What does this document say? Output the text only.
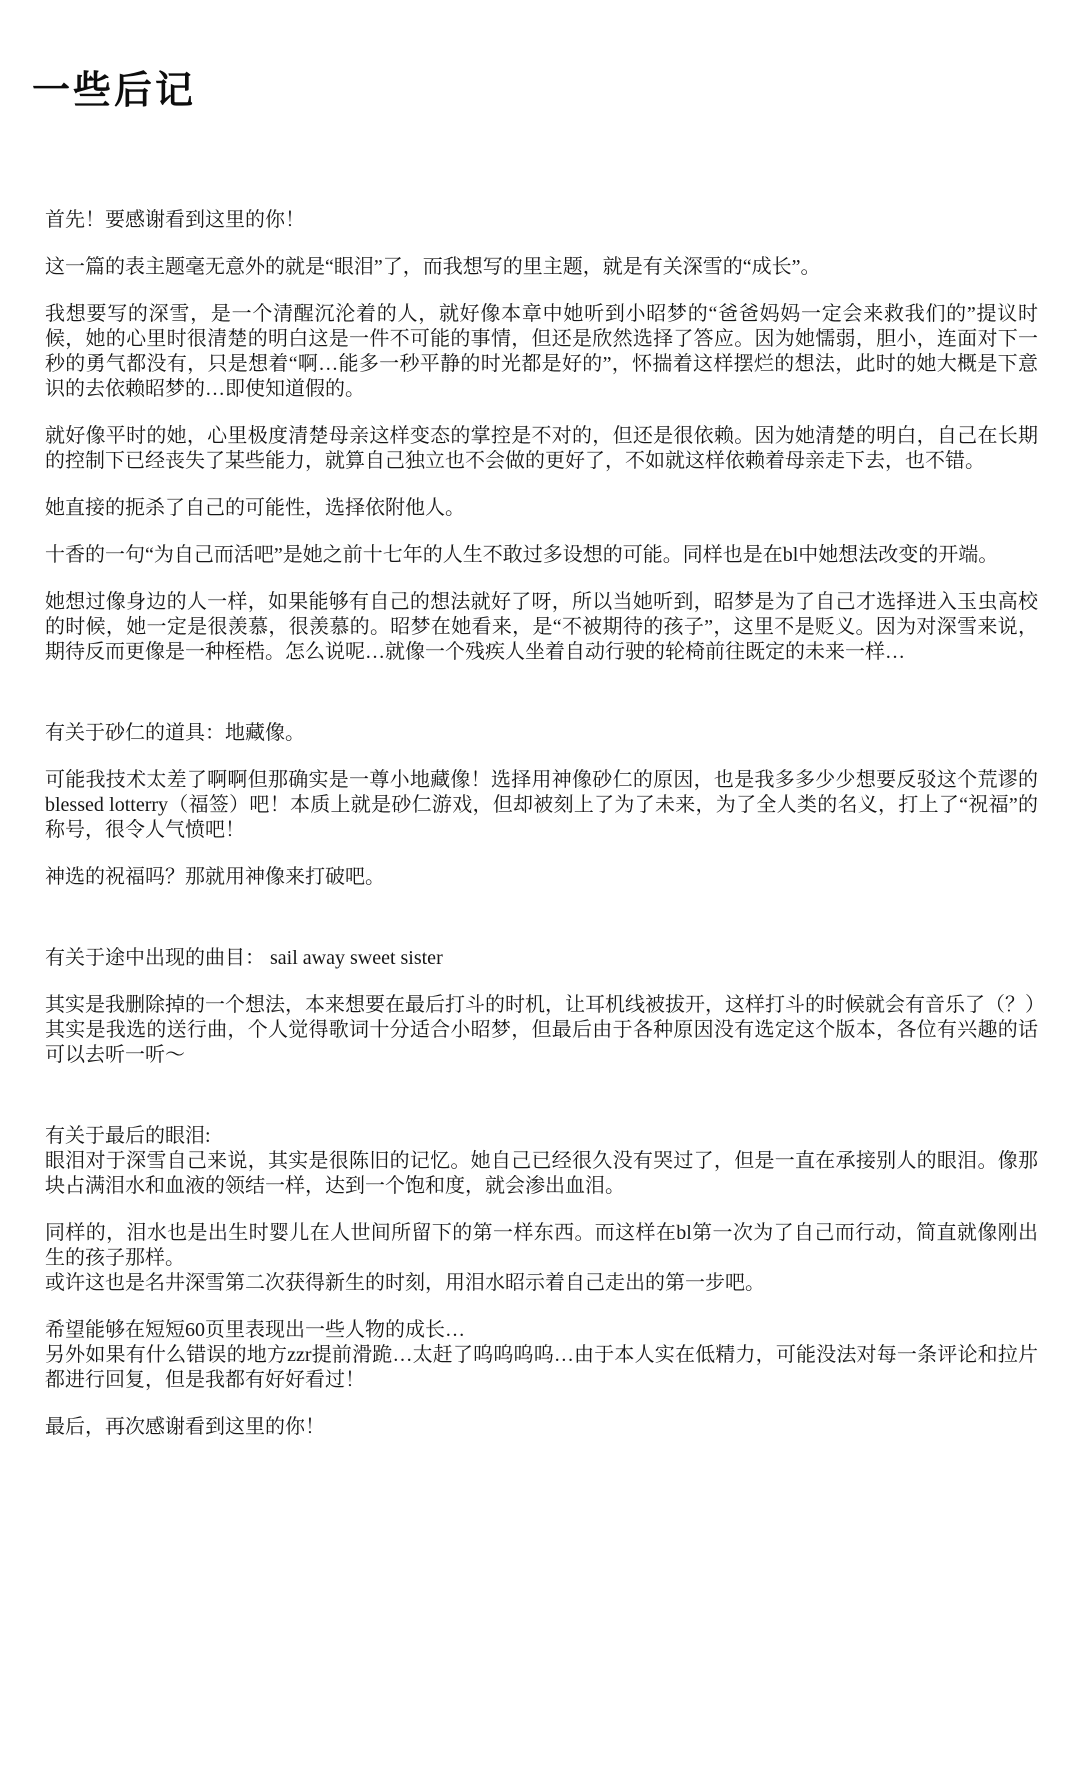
一些后记

首先！要感谢看到这里的你！

这一篇的表主题毫无意外的就是“眼泪”了，而我想写的里主题，就是有关深雪的“成长”。

我想要写的深雪，是一个清醒沉沦着的人，就好像本章中她听到小昭梦的“爸爸妈妈一定会来救我们的”提议时候，她的心里时很清楚的明白这是一件不可能的事情，但还是欣然选择了答应。因为她懦弱，胆小，连面对下一秒的勇气都没有，只是想着“啊…能多一秒平静的时光都是好的”，怀揣着这样摆烂的想法，此时的她大概是下意识的去依赖昭梦的…即使知道假的。

就好像平时的她，心里极度清楚母亲这样变态的掌控是不对的，但还是很依赖。因为她清楚的明白，自己在长期的控制下已经丧失了某些能力，就算自己独立也不会做的更好了，不如就这样依赖着母亲走下去，也不错。

她直接的扼杀了自己的可能性，选择依附他人。

十香的一句“为自己而活吧”是她之前十七年的人生不敢过多设想的可能。同样也是在bl中她想法改变的开端。

她想过像身边的人一样，如果能够有自己的想法就好了呀，所以当她听到，昭梦是为了自己才选择进入玉虫高校的时候，她一定是很羡慕，很羡慕的。昭梦在她看来，是“不被期待的孩子”，这里不是贬义。因为对深雪来说，期待反而更像是一种桎梏。怎么说呢…就像一个残疾人坐着自动行驶的轮椅前往既定的未来一样…

有关于砂仁的道具：地藏像。

可能我技术太差了啊啊但那确实是一尊小地藏像！选择用神像砂仁的原因，也是我多多少少想要反驳这个荒谬的blessed lotterry（福签）吧！本质上就是砂仁游戏，但却被刻上了为了未来，为了全人类的名义，打上了“祝福”的称号，很令人气愤吧！

神选的祝福吗？那就用神像来打破吧。

有关于途中出现的曲目： sail away sweet sister

其实是我删除掉的一个想法，本来想要在最后打斗的时机，让耳机线被拔开，这样打斗的时候就会有音乐了（？）
其实是我选的送行曲，个人觉得歌词十分适合小昭梦，但最后由于各种原因没有选定这个版本，各位有兴趣的话可以去听一听～

有关于最后的眼泪:
眼泪对于深雪自己来说，其实是很陈旧的记忆。她自己已经很久没有哭过了，但是一直在承接别人的眼泪。像那块占满泪水和血液的领结一样，达到一个饱和度，就会渗出血泪。

同样的，泪水也是出生时婴儿在人世间所留下的第一样东西。而这样在bl第一次为了自己而行动，简直就像刚出生的孩子那样。
或许这也是名井深雪第二次获得新生的时刻，用泪水昭示着自己走出的第一步吧。

希望能够在短短60页里表现出一些人物的成长…
另外如果有什么错误的地方zzr提前滑跪…太赶了呜呜呜呜…由于本人实在低精力，可能没法对每一条评论和拉片都进行回复，但是我都有好好看过！

最后，再次感谢看到这里的你！
